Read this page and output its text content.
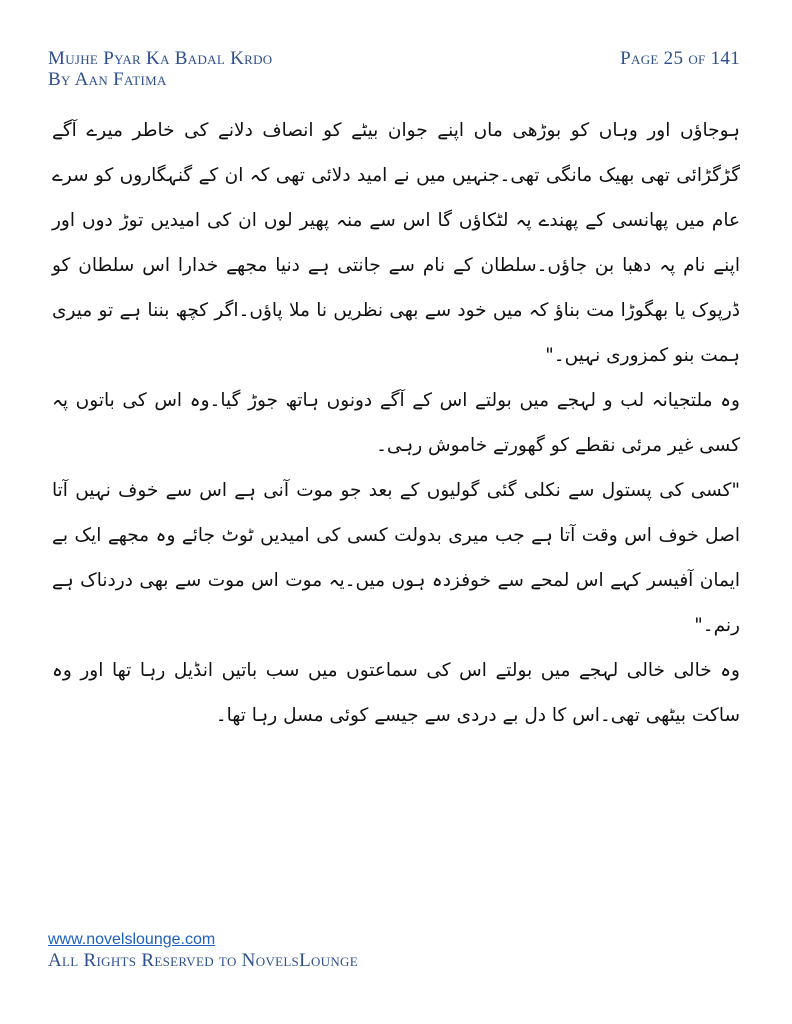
Mujhe Pyar Ka Badal Krdo
By Aan Fatima
Page 25 of 141

ہوجاؤں اور وہاں کو بوڑھی ماں اپنے جوان بیٹے کو انصاف دلانے کی خاطر میرے آگے گڑگڑائی تھی بھیک مانگی تھی۔جنہیں میں نے امید دلائی تھی کہ ان کے گنہگاروں کو سرے عام میں پھانسی کے پھندے پہ لٹکاؤں گا اس سے منہ پھیر لوں ان کی امیدیں توڑ دوں اور اپنے نام پہ دھبا بن جاؤں۔سلطان کے نام سے جانتی ہے دنیا مجھے خدارا اس سلطان کو ڈرپوک یا بھگوڑا مت بناؤ کہ میں خود سے بھی نظریں نا ملا پاؤں۔اگر کچھ بننا ہے تو میری ہمت بنو کمزوری نہیں۔"

وہ ملتجیانہ لب و لہجے میں بولتے اس کے آگے دونوں ہاتھ جوڑ گیا۔وہ اس کی باتوں پہ کسی غیر مرئی نقطے کو گھورتے خاموش رہی۔

"کسی کی پستول سے نکلی گئی گولیوں کے بعد جو موت آنی ہے اس سے خوف نہیں آتا اصل خوف اس وقت آتا ہے جب میری بدولت کسی کی امیدیں ٹوٹ جائے وہ مجھے ایک بے ایمان آفیسر کہے اس لمحے سے خوفزدہ ہوں میں۔یہ موت اس موت سے بھی دردناک ہے رنم۔"

وہ خالی خالی لہجے میں بولتے اس کی سماعتوں میں سب باتیں انڈیل رہا تھا اور وہ ساکت بیٹھی تھی۔اس کا دل بے دردی سے جیسے کوئی مسل رہا تھا۔

www.novelslounge.com
All Rights Reserved to NovelsLounge
